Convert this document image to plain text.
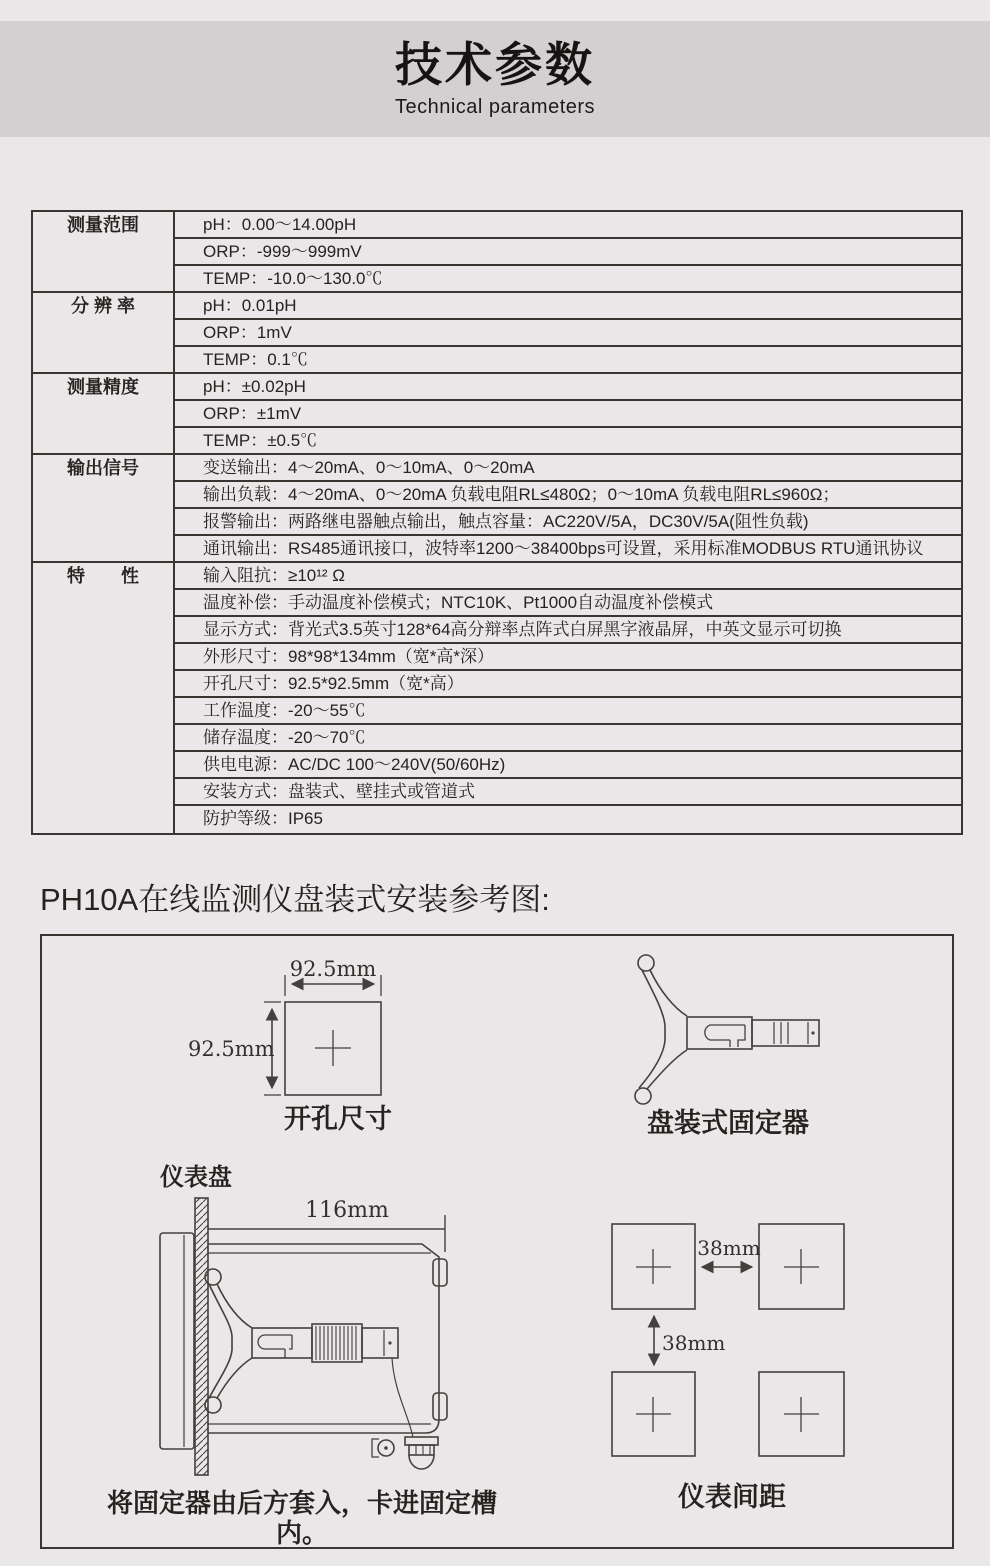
技术参数
Technical parameters
测量范围
分 辨 率
测量精度
输出信号
特　　性
pH：0.00～14.00pH
ORP：-999～999mV
TEMP：-10.0～130.0℃
pH：0.01pH
ORP：1mV
TEMP：0.1℃
pH：±0.02pH
ORP：±1mV
TEMP：±0.5℃
变送输出：4～20mA、0～10mA、0～20mA
输出负载：4～20mA、0～20mA 负载电阻RL≤480Ω；0～10mA 负载电阻RL≤960Ω；
报警输出：两路继电器触点输出，触点容量：AC220V/5A，DC30V/5A(阻性负载)
通讯输出：RS485通讯接口，波特率1200～38400bps可设置，采用标准MODBUS RTU通讯协议
输入阻抗：≥10¹² Ω
温度补偿：手动温度补偿模式；NTC10K、Pt1000自动温度补偿模式
显示方式：背光式3.5英寸128*64高分辩率点阵式白屏黑字液晶屏，中英文显示可切换
外形尺寸：98*98*134mm（宽*高*深）
开孔尺寸：92.5*92.5mm（宽*高）
工作温度：-20～55℃
储存温度：-20～70℃
供电电源：AC/DC 100～240V(50/60Hz)
安装方式：盘装式、壁挂式或管道式
防护等级：IP65
PH10A在线监测仪盘装式安装参考图:
92.5mm
92.5mm
开孔尺寸	盘装式固定器
仪表盘
116mm
将固定器由后方套入，卡进固定槽内。
38mm
38mm
仪表间距
